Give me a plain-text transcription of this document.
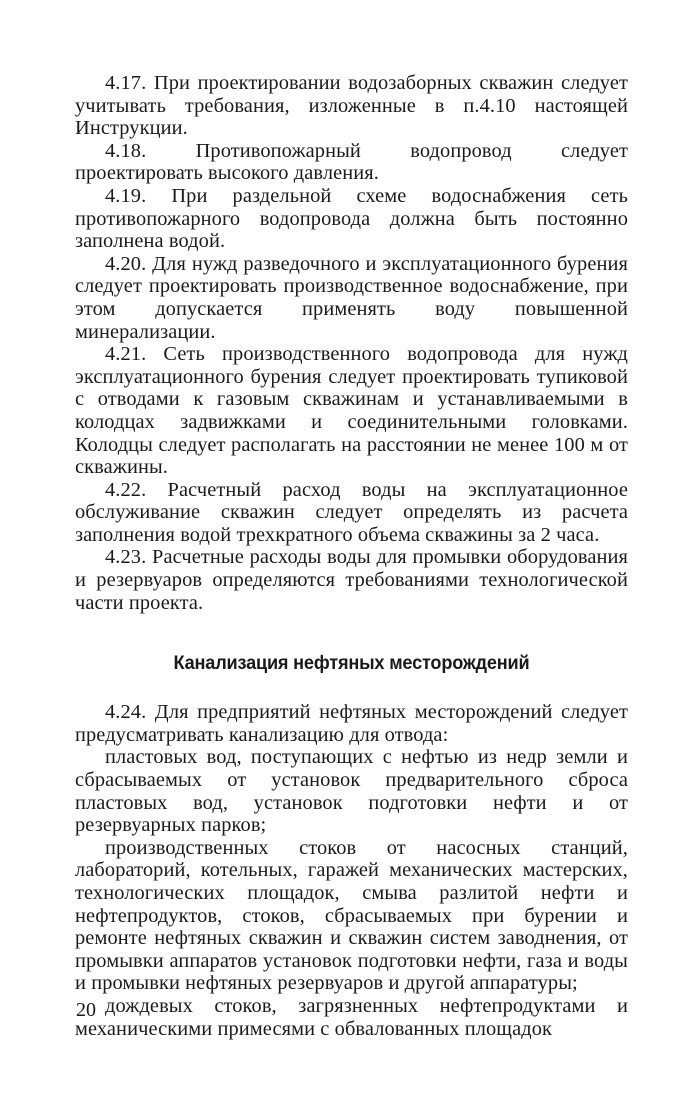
4.17. При проектировании водозаборных скважин следует учитывать требования, изложенные в п.4.10 настоящей Инструкции.

4.18. Противопожарный водопровод следует проектировать высокого давления.

4.19. При раздельной схеме водоснабжения сеть противопожарного водопровода должна быть постоянно заполнена водой.

4.20. Для нужд разведочного и эксплуатационного бурения следует проектировать производственное водоснабжение, при этом допускается применять воду повышенной минерализации.

4.21. Сеть производственного водопровода для нужд эксплуатационного бурения следует проектировать тупиковой с отводами к газовым скважинам и устанавливаемыми в колодцах задвижками и соединительными головками. Колодцы следует располагать на расстоянии не менее 100 м от скважины.

4.22. Расчетный расход воды на эксплуатационное обслуживание скважин следует определять из расчета заполнения водой трехкратного объема скважины за 2 часа.

4.23. Расчетные расходы воды для промывки оборудования и резервуаров определяются требованиями технологической части проекта.

Канализация нефтяных месторождений

4.24. Для предприятий нефтяных месторождений следует предусматривать канализацию для отвода:

пластовых вод, поступающих с нефтью из недр земли и сбрасываемых от установок предварительного сброса пластовых вод, установок подготовки нефти и от резервуарных парков;

производственных стоков от насосных станций, лабораторий, котельных, гаражей механических мастерских, технологических площадок, смыва разлитой нефти и нефтепродуктов, стоков, сбрасываемых при бурении и ремонте нефтяных скважин и скважин систем заводнения, от промывки аппаратов установок подготовки нефти, газа и воды и промывки нефтяных резервуаров и другой аппаратуры;

дождевых стоков, загрязненных нефтепродуктами и механическими примесями с обвалованных площадок

20
